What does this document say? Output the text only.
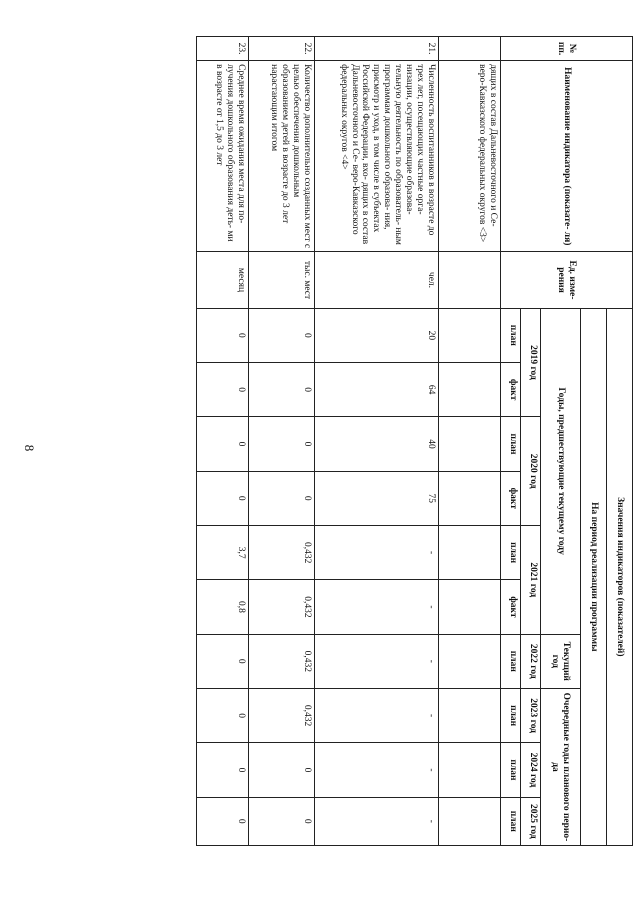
8
№ пп.	Наименование индикатора (показате- ля)	Ед. изме- рения	Значения индикаторов (показателей)									
			На период реализации программы									
			Годы, предшествующие текущему году						Текущий год	Очередные годы планового перио- да		
			2019 год		2020 год		2021 год		2022 год	2023 год	2024 год	2025 год
			план	факт	план	факт	план	факт	план	план	план	план
	дящих в состав Дальневосточного и Се- веро-Кавказского федеральных округов <3>											
21.	Численность воспитанников в возрасте до трех лет, посещающих частные орга- низации, осуществляющие образова- тельную деятельность по образователь- ным программам дошкольного образова- ния, присмотр и уход, в том числе в субъектах Российской Федерации, вхо- дящих в состав Дальневосточного и Се- веро-Кавказского федеральных округов <4>	чел.	20	64	40	75	-	-	-	-	-	-
22.	Количество дополнительно созданных мест с целью обеспечения дошкольным образованием детей в возрасте до 3 лет нарастающим итогом	тыс. мест	0	0	0	0	0,432	0,432	0,432	0,432	0	0
23.	Среднее время ожидания места для по- лучения дошкольного образования деть- ми в возрасте от 1,5 до 3 лет	месяц	0	0	0	0	3,7	0,8	0	0	0	0
